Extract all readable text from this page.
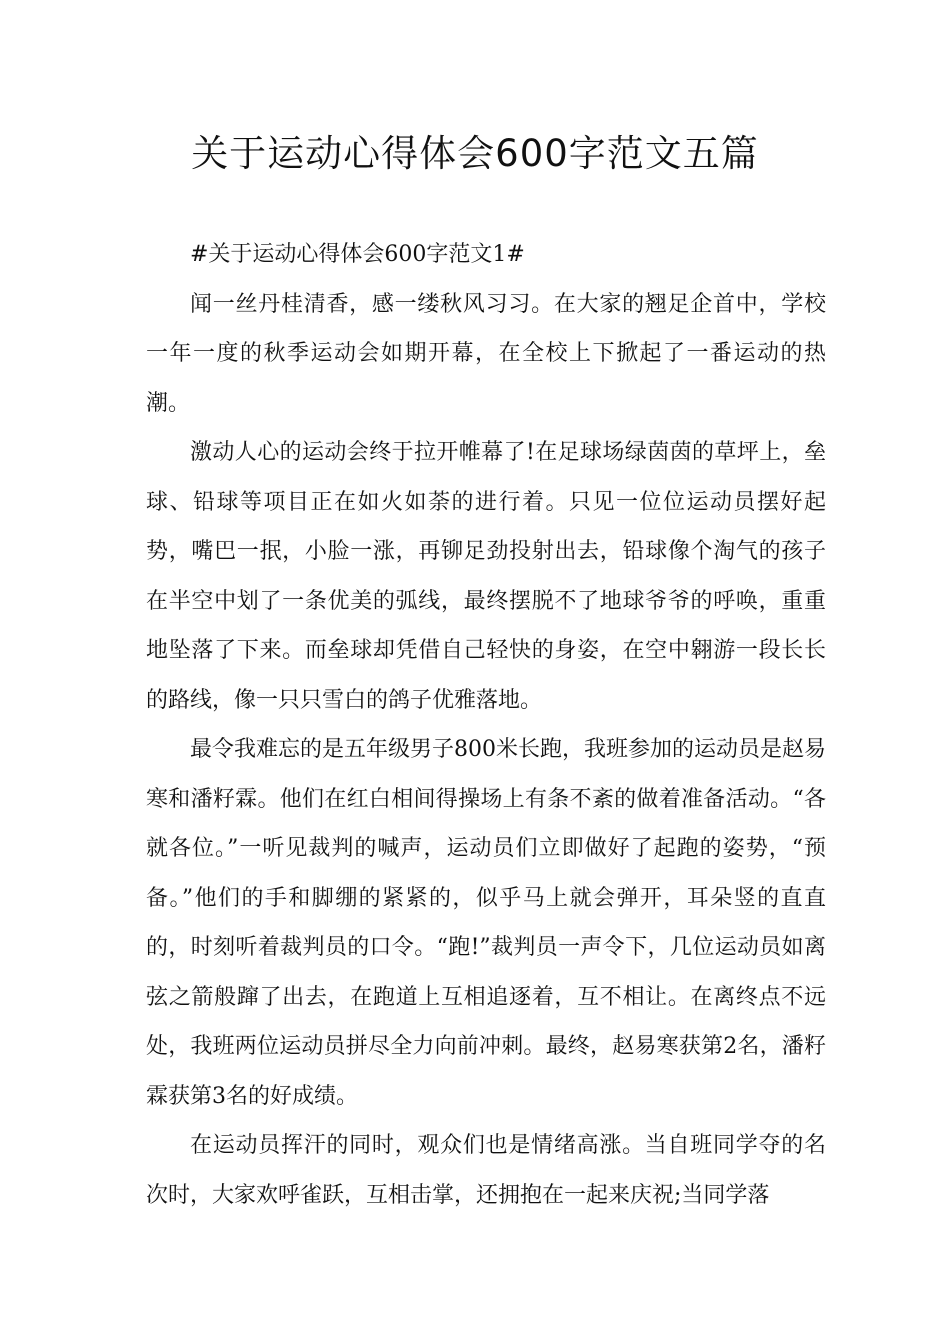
关于运动心得体会600字范文五篇

#关于运动心得体会600字范文1#

闻一丝丹桂清香，感一缕秋风习习。在大家的翘足企首中，学校一年一度的秋季运动会如期开幕，在全校上下掀起了一番运动的热潮。

激动人心的运动会终于拉开帷幕了!在足球场绿茵茵的草坪上，垒球、铅球等项目正在如火如荼的进行着。只见一位位运动员摆好起势，嘴巴一抿，小脸一涨，再铆足劲投射出去，铅球像个淘气的孩子在半空中划了一条优美的弧线，最终摆脱不了地球爷爷的呼唤，重重地坠落了下来。而垒球却凭借自己轻快的身姿，在空中翱游一段长长的路线，像一只只雪白的鸽子优雅落地。

最令我难忘的是五年级男子800米长跑，我班参加的运动员是赵易寒和潘籽霖。他们在红白相间得操场上有条不紊的做着准备活动。“各就各位。”一听见裁判的喊声，运动员们立即做好了起跑的姿势，“预备。”他们的手和脚绷的紧紧的，似乎马上就会弹开，耳朵竖的直直的，时刻听着裁判员的口令。“跑!”裁判员一声令下，几位运动员如离弦之箭般蹿了出去，在跑道上互相追逐着，互不相让。在离终点不远处，我班两位运动员拼尽全力向前冲刺。最终，赵易寒获第2名，潘籽霖获第3名的好成绩。

在运动员挥汗的同时，观众们也是情绪高涨。当自班同学夺的名次时，大家欢呼雀跃，互相击掌，还拥抱在一起来庆祝;当同学落
